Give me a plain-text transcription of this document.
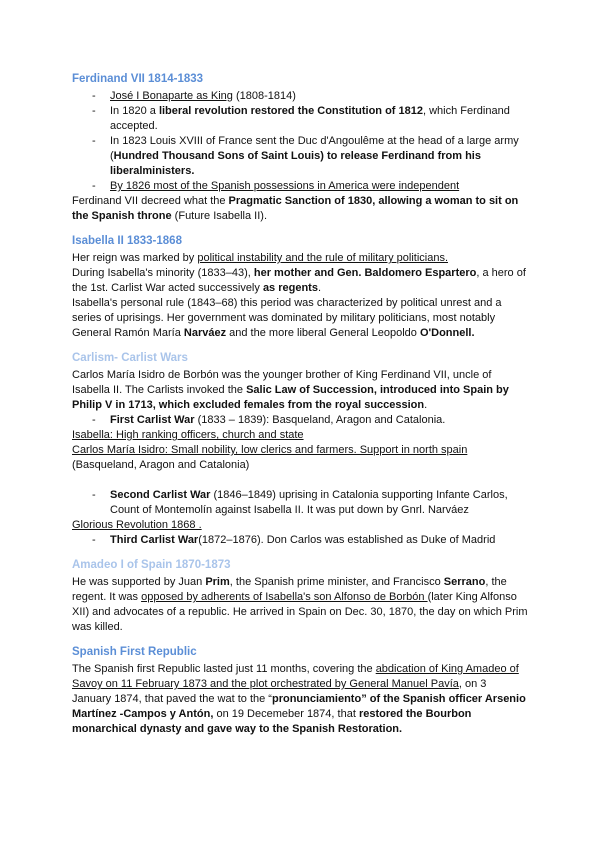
Ferdinand VII 1814-1833
- José I Bonaparte as King (1808-1814)
- In 1820 a liberal revolution restored the Constitution of 1812, which Ferdinand accepted.
- In 1823 Louis XVIII of France sent the Duc d'Angoulême at the head of a large army (Hundred Thousand Sons of Saint Louis) to release Ferdinand from his liberalministers.
- By 1826 most of the Spanish possessions in America were independent

Ferdinand VII decreed what the Pragmatic Sanction of 1830, allowing a woman to sit on the Spanish throne (Future Isabella II).

Isabella II 1833-1868

Her reign was marked by political instability and the rule of military politicians.

During Isabella's minority (1833–43), her mother and Gen. Baldomero Espartero, a hero of the 1st. Carlist War acted successively as regents.

Isabella's personal rule (1843–68) this period was characterized by political unrest and a series of uprisings. Her government was dominated by military politicians, most notably General Ramón María Narváez and the more liberal General Leopoldo O'Donnell.

Carlism- Carlist Wars

Carlos María Isidro de Borbón was the younger brother of King Ferdinand VII, uncle of Isabella II. The Carlists invoked the Salic Law of Succession, introduced into Spain by Philip V in 1713, which excluded females from the royal succession.

- First Carlist War (1833 – 1839): Basqueland, Aragon and Catalonia.

Isabella: High ranking officers, church and state

Carlos María Isidro: Small nobility, low clerics and farmers. Support in north spain

(Basqueland, Aragon and Catalonia)

- Second Carlist War (1846–1849) uprising in Catalonia supporting Infante Carlos, Count of Montemolín against Isabella II. It was put down by Gnrl. Narváez

Glorious Revolution 1868 .

- Third Carlist War(1872–1876). Don Carlos was established as Duke of Madrid
Amadeo I of Spain 1870-1873

He was supported by Juan Prim, the Spanish prime minister, and Francisco Serrano, the regent. It was opposed by adherents of Isabella's son Alfonso de Borbón (later King Alfonso XII) and advocates of a republic. He arrived in Spain on Dec. 30, 1870, the day on which Prim was killed.

Spanish First Republic

The Spanish first Republic lasted just 11 months, covering the abdication of King Amadeo of Savoy on 11 February 1873 and the plot orchestrated by General Manuel Pavía, on 3 January 1874, that paved the wat to the “pronunciamiento” of the Spanish officer Arsenio Martínez -Campos y Antón, on 19 Decemeber 1874, that restored the Bourbon monarchical dynasty and gave way to the Spanish Restoration.
